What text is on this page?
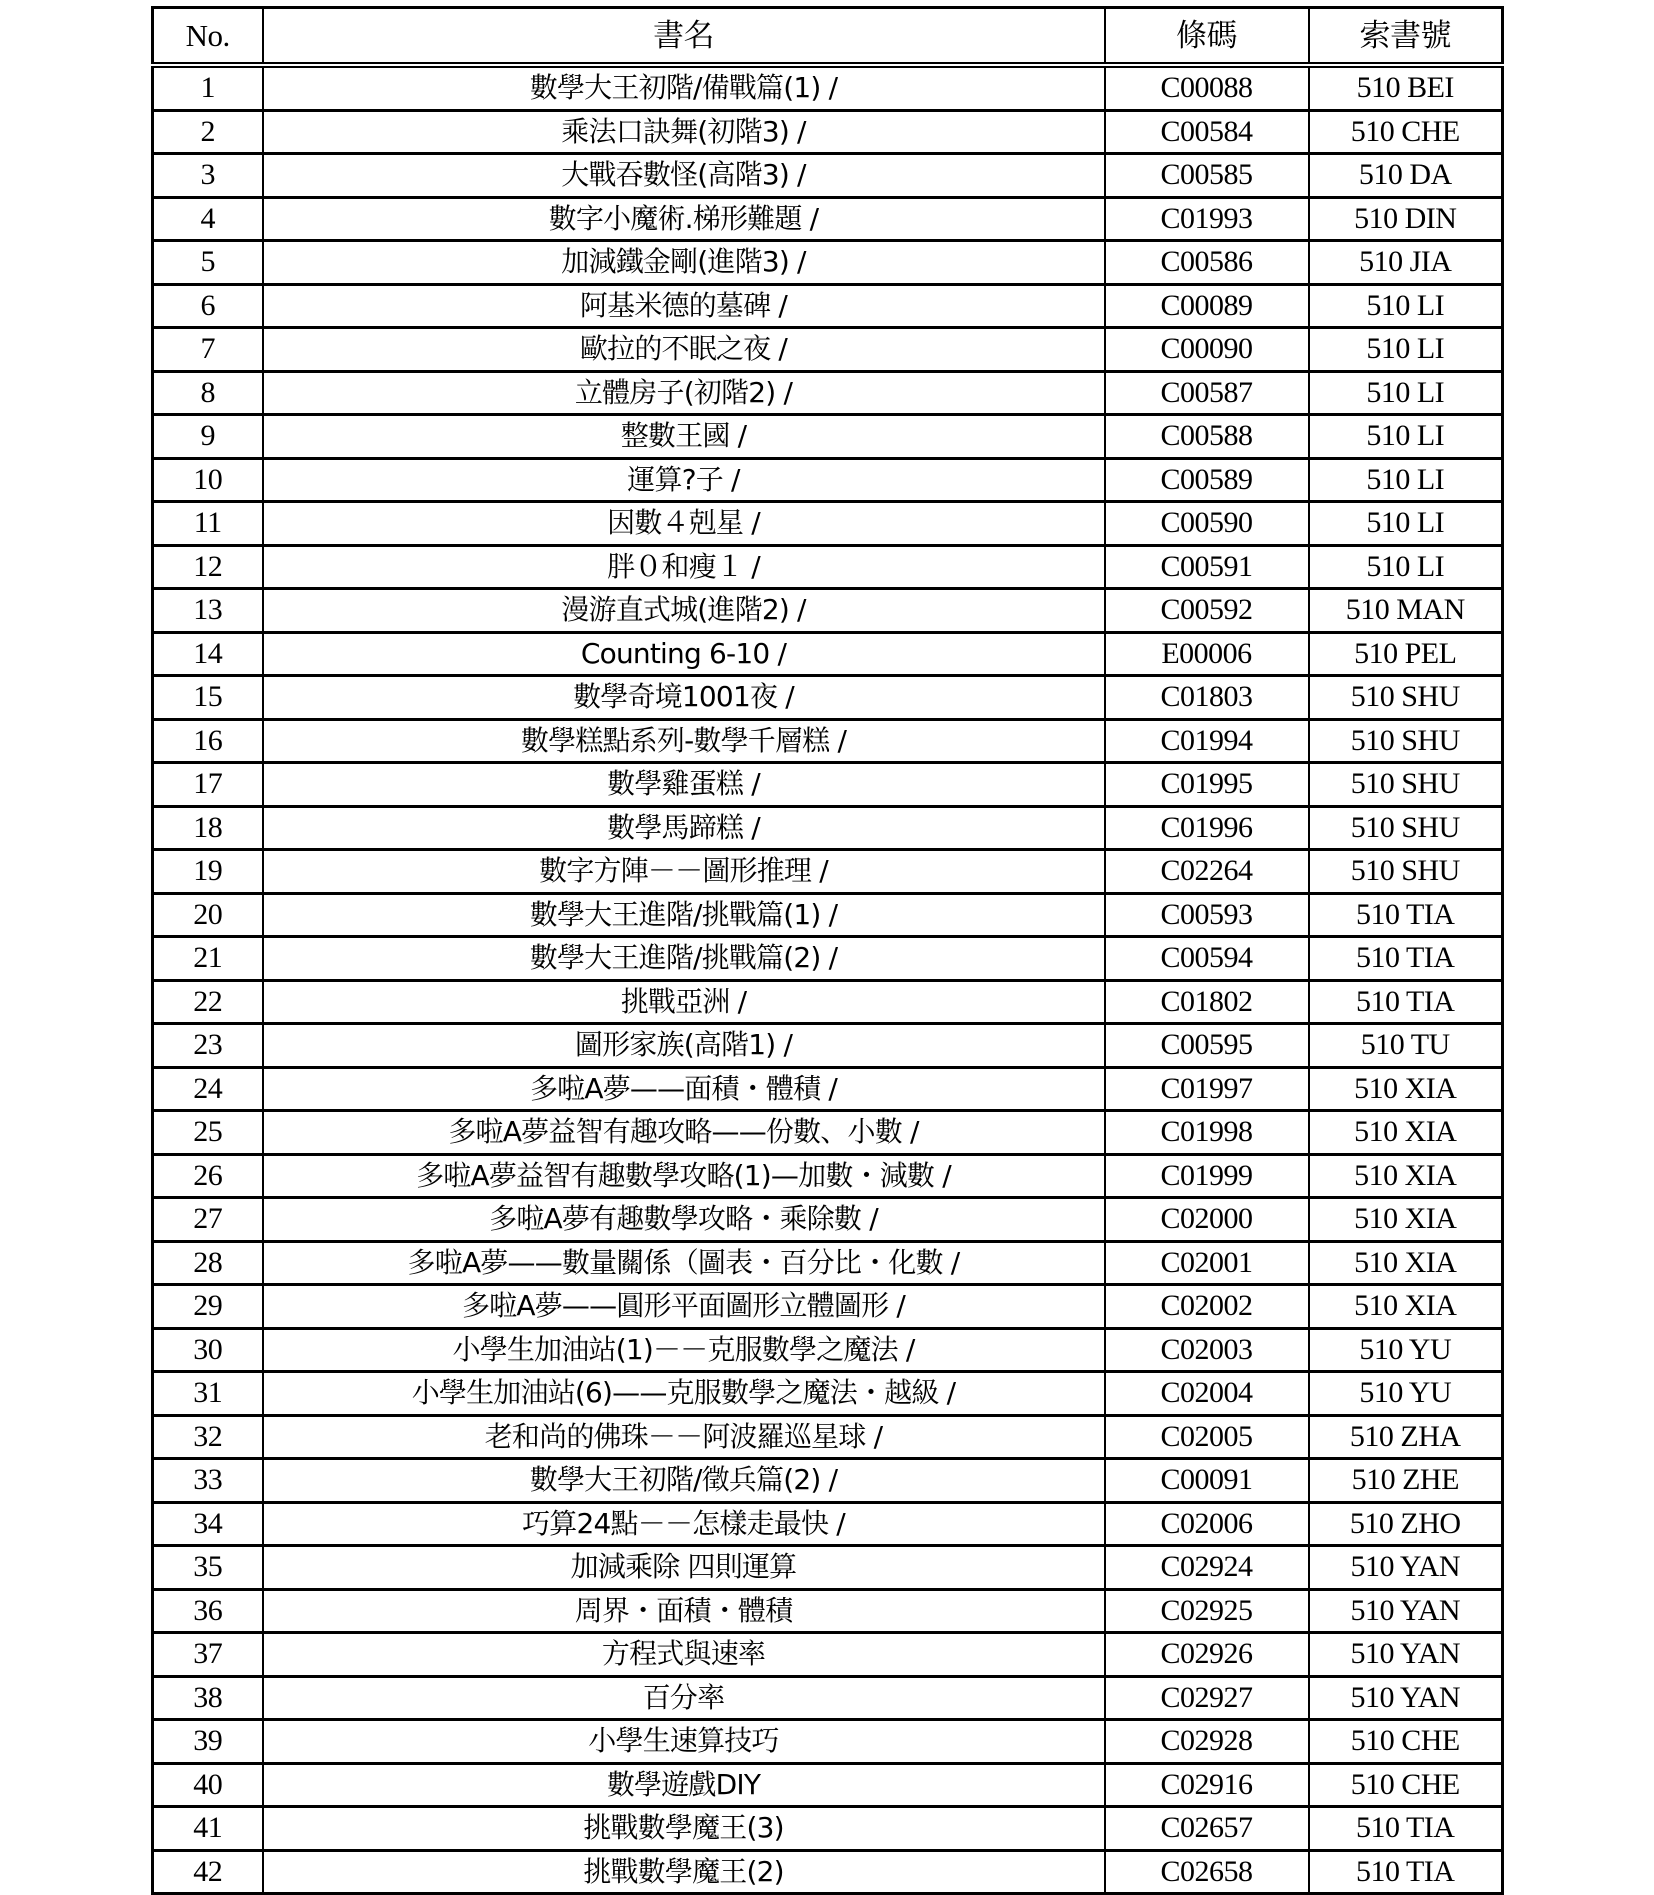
No.	書名	條碼	索書號
1	數學大王初階/備戰篇(1) /	C00088	510 BEI
2	乘法口訣舞(初階3) /	C00584	510 CHE
3	大戰吞數怪(高階3) /	C00585	510 DA
4	數字小魔術.梯形難題 /	C01993	510 DIN
5	加減鐵金剛(進階3) /	C00586	510 JIA
6	阿基米德的墓碑 /	C00089	510 LI
7	歐拉的不眠之夜 /	C00090	510 LI
8	立體房子(初階2) /	C00587	510 LI
9	整數王國 /	C00588	510 LI
10	運算?子 /	C00589	510 LI
11	因數４剋星 /	C00590	510 LI
12	胖０和瘦１ /	C00591	510 LI
13	漫游直式城(進階2) /	C00592	510 MAN
14	Counting 6-10 /	E00006	510 PEL
15	數學奇境1001夜 /	C01803	510 SHU
16	數學糕點系列-數學千層糕 /	C01994	510 SHU
17	數學雞蛋糕 /	C01995	510 SHU
18	數學馬蹄糕 /	C01996	510 SHU
19	數字方陣－－圖形推理 /	C02264	510 SHU
20	數學大王進階/挑戰篇(1) /	C00593	510 TIA
21	數學大王進階/挑戰篇(2) /	C00594	510 TIA
22	挑戰亞洲 /	C01802	510 TIA
23	圖形家族(高階1) /	C00595	510 TU
24	多啦A夢——面積・體積 /	C01997	510 XIA
25	多啦A夢益智有趣攻略——份數、小數 /	C01998	510 XIA
26	多啦A夢益智有趣數學攻略(1)—加數・減數 /	C01999	510 XIA
27	多啦A夢有趣數學攻略・乘除數 /	C02000	510 XIA
28	多啦A夢——數量關係（圖表・百分比・化數 /	C02001	510 XIA
29	多啦A夢——圓形平面圖形立體圖形 /	C02002	510 XIA
30	小學生加油站(1)－－克服數學之魔法 /	C02003	510 YU
31	小學生加油站(6)——克服數學之魔法・越級 /	C02004	510 YU
32	老和尚的佛珠－－阿波羅巡星球 /	C02005	510 ZHA
33	數學大王初階/徵兵篇(2) /	C00091	510 ZHE
34	巧算24點－－怎樣走最快 /	C02006	510 ZHO
35	加減乘除 四則運算	C02924	510 YAN
36	周界・面積・體積	C02925	510 YAN
37	方程式與速率	C02926	510 YAN
38	百分率	C02927	510 YAN
39	小學生速算技巧	C02928	510 CHE
40	數學遊戲DIY	C02916	510 CHE
41	挑戰數學魔王(3)	C02657	510 TIA
42	挑戰數學魔王(2)	C02658	510 TIA
